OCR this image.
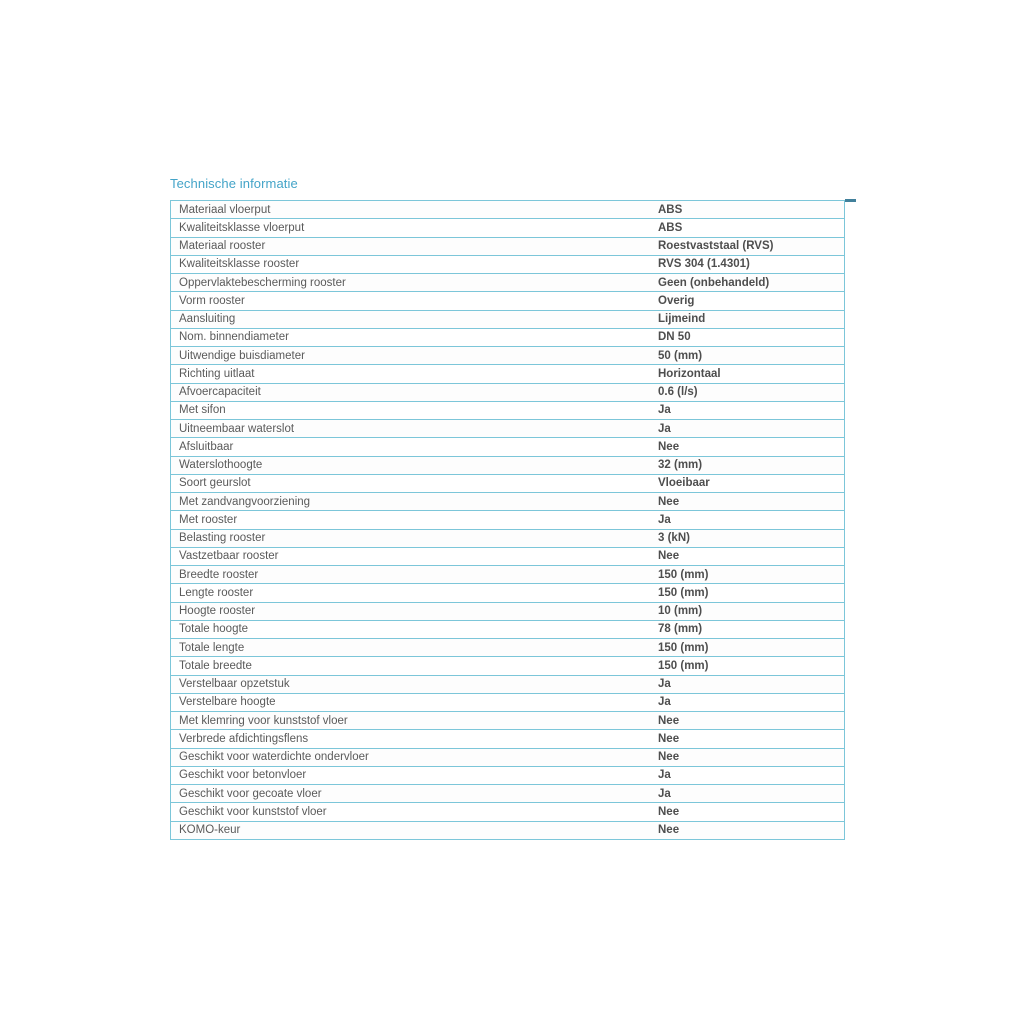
Technische informatie
Materiaal vloerput	ABS
Kwaliteitsklasse vloerput	ABS
Materiaal rooster	Roestvaststaal (RVS)
Kwaliteitsklasse rooster	RVS 304 (1.4301)
Oppervlaktebescherming rooster	Geen (onbehandeld)
Vorm rooster	Overig
Aansluiting	Lijmeind
Nom. binnendiameter	DN 50
Uitwendige buisdiameter	50 (mm)
Richting uitlaat	Horizontaal
Afvoercapaciteit	0.6 (l/s)
Met sifon	Ja
Uitneembaar waterslot	Ja
Afsluitbaar	Nee
Waterslothoogte	32 (mm)
Soort geurslot	Vloeibaar
Met zandvangvoorziening	Nee
Met rooster	Ja
Belasting rooster	3 (kN)
Vastzetbaar rooster	Nee
Breedte rooster	150 (mm)
Lengte rooster	150 (mm)
Hoogte rooster	10 (mm)
Totale hoogte	78 (mm)
Totale lengte	150 (mm)
Totale breedte	150 (mm)
Verstelbaar opzetstuk	Ja
Verstelbare hoogte	Ja
Met klemring voor kunststof vloer	Nee
Verbrede afdichtingsflens	Nee
Geschikt voor waterdichte ondervloer	Nee
Geschikt voor betonvloer	Ja
Geschikt voor gecoate vloer	Ja
Geschikt voor kunststof vloer	Nee
KOMO-keur	Nee
